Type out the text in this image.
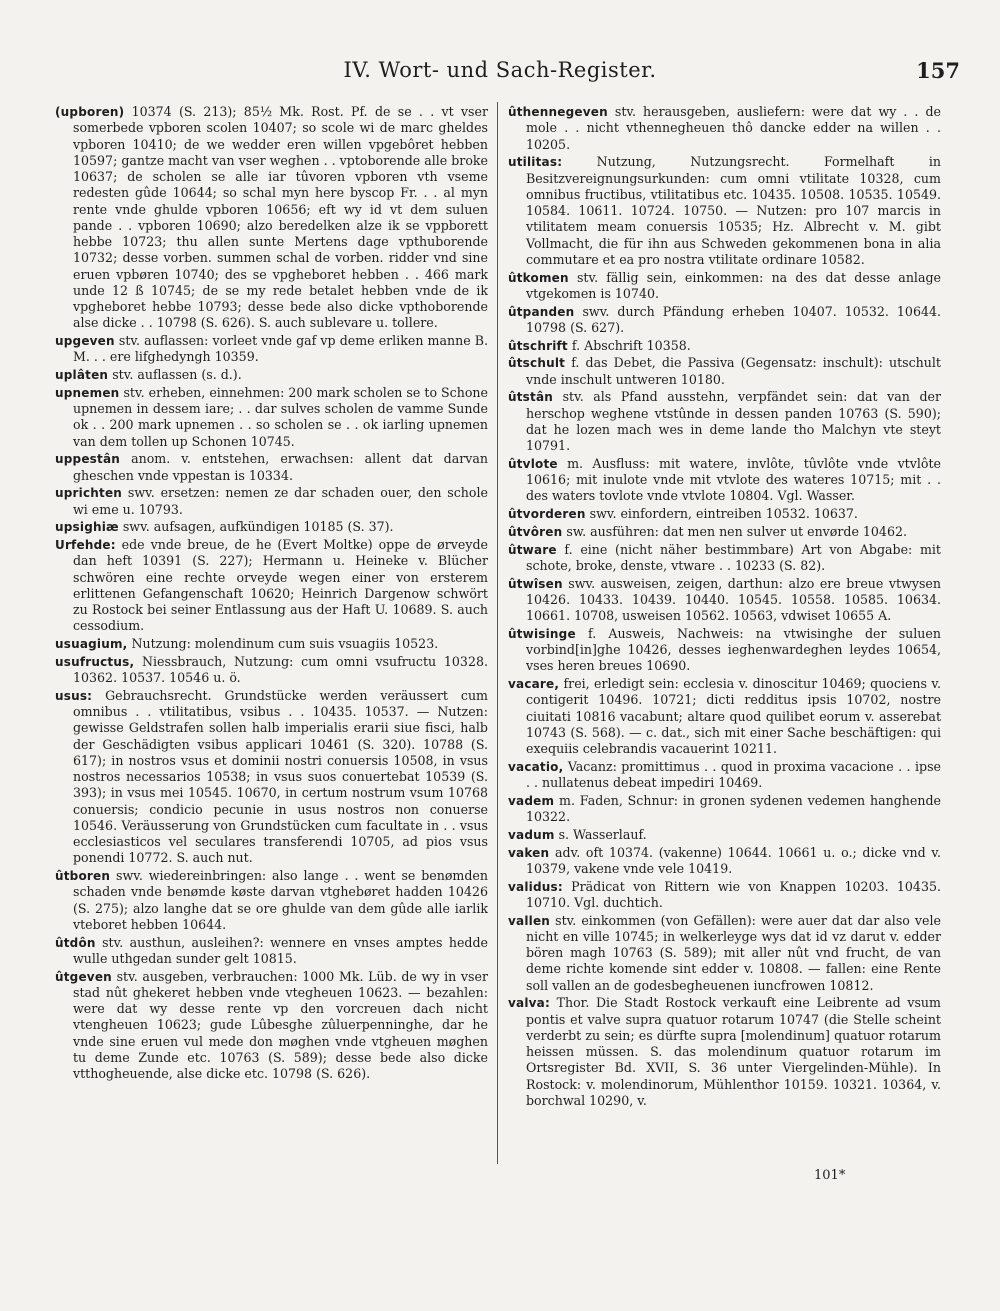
IV. Wort- und Sach-Register.	157

(upboren) 10374 (S. 213); 85½ Mk. Rost. Pf. de se . . vt vser somerbede vpboren scolen 10407; so scole wi de marc gheldes vpboren 10410; de we wedder eren willen vpgebôret hebben 10597; gantze macht van vser weghen . . vptoborende alle broke 10637; de scholen se alle iar tûvoren vpboren vth vseme redesten gûde 10644; so schal myn here byscop Fr. . . al myn rente vnde ghulde vpboren 10656; eft wy id vt dem suluen pande . . vpboren 10690; alzo beredelken alze ik se vppborett hebbe 10723; thu allen sunte Mertens dage vpthuborende 10732; desse vorben. summen schal de vorben. ridder vnd sine eruen vpbøren 10740; des se vpgheboret hebben . . 466 mark unde 12 ß 10745; de se my rede betalet hebben vnde de ik vpgheboret hebbe 10793; desse bede also dicke vpthoborende alse dicke . . 10798 (S. 626). S. auch sublevare u. tollere.

upgeven stv. auflassen: vorleet vnde gaf vp deme erliken manne B. M. . . ere lifghedyngh 10359.

uplâten stv. auflassen (s. d.).

upnemen stv. erheben, einnehmen: 200 mark scholen se to Schone upnemen in dessem iare; . . dar sulves scholen de vamme Sunde ok . . 200 mark upnemen . . so scholen se . . ok iarling upnemen van dem tollen up Schonen 10745.

uppestân anom. v. entstehen, erwachsen: allent dat darvan gheschen vnde vppestan is 10334.

uprichten swv. ersetzen: nemen ze dar schaden ouer, den schole wi eme u. 10793.

upsighiæ swv. aufsagen, aufkündigen 10185 (S. 37).

Urfehde: ede vnde breue, de he (Evert Moltke) oppe de ørveyde dan heft 10391 (S. 227); Hermann u. Heineke v. Blücher schwören eine rechte orveyde wegen einer von ersterem erlittenen Gefangenschaft 10620; Heinrich Dargenow schwört zu Rostock bei seiner Entlassung aus der Haft U. 10689. S. auch cessodium.

usuagium, Nutzung: molendinum cum suis vsuagiis 10523.

usufructus, Niessbrauch, Nutzung: cum omni vsufructu 10328. 10362. 10537. 10546 u. ö.

usus: Gebrauchsrecht. Grundstücke werden veräussert cum omnibus . . vtilitatibus, vsibus . . 10435. 10537. — Nutzen: gewisse Geldstrafen sollen halb imperialis erarii siue fisci, halb der Geschädigten vsibus applicari 10461 (S. 320). 10788 (S. 617); in nostros vsus et dominii nostri conuersis 10508, in vsus nostros necessarios 10538; in vsus suos conuertebat 10539 (S. 393); in vsus mei 10545. 10670, in certum nostrum vsum 10768 conuersis; condicio pecunie in usus nostros non conuerse 10546. Veräusserung von Grundstücken cum facultate in . . vsus ecclesiasticos vel seculares transferendi 10705, ad pios vsus ponendi 10772. S. auch nut.

ûtboren swv. wiedereinbringen: also lange . . went se benømden schaden vnde benømde køste darvan vtghebøret hadden 10426 (S. 275); alzo langhe dat se ore ghulde van dem gûde alle iarlik vteboret hebben 10644.

ûtdôn stv. austhun, ausleihen?: wennere en vnses amptes hedde wulle uthgedan sunder gelt 10815.

ûtgeven stv. ausgeben, verbrauchen: 1000 Mk. Lüb. de wy in vser stad nût ghekeret hebben vnde vtegheuen 10623. — bezahlen: were dat wy desse rente vp den vorcreuen dach nicht vtengheuen 10623; gude Lûbesghe zûluerpenninghe, dar he vnde sine eruen vul mede don møghen vnde vtgheuen møghen tu deme Zunde etc. 10763 (S. 589); desse bede also dicke vtthogheuende, alse dicke etc. 10798 (S. 626).

ûthennegeven stv. herausgeben, ausliefern: were dat wy . . de mole . . nicht vthennegheuen thô dancke edder na willen . . 10205.

utilitas:	Nutzung, Nutzungsrecht. Formelhaft in Besitzvereignungsurkunden: cum omni vtilitate 10328, cum omnibus fructibus, vtilitatibus etc. 10435. 10508. 10535. 10549. 10584. 10611. 10724. 10750. — Nutzen: pro 107 marcis in vtilitatem meam conuersis 10535; Hz. Albrecht v. M. gibt Vollmacht, die für ihn aus Schweden gekommenen bona in alia commutare et ea pro nostra vtilitate ordinare 10582.

ûtkomen stv. fällig sein, einkommen: na des dat desse anlage vtgekomen is 10740.

ûtpanden swv. durch Pfändung erheben 10407. 10532. 10644. 10798 (S. 627).

ûtschrift f. Abschrift 10358.

ûtschult f. das Debet, die Passiva (Gegensatz: inschult): utschult vnde inschult untweren 10180.

ûtstân stv. als Pfand ausstehn, verpfändet sein: dat van der herschop weghene vtstûnde in dessen panden 10763 (S. 590); dat he lozen mach wes in deme lande tho Malchyn vte steyt 10791.

ûtvlote m. Ausfluss: mit watere, invlôte, tûvlôte vnde vtvlôte 10616; mit inulote vnde mit vtvlote des wateres 10715; mit . . des waters tovlote vnde vtvlote 10804. Vgl. Wasser.

ûtvorderen swv. einfordern, eintreiben 10532. 10637.

ûtvôren sw. ausführen: dat men nen sulver ut envørde 10462.

ûtware f. eine (nicht näher bestimmbare) Art von Abgabe: mit schote, broke, denste, vtware . . 10233 (S. 82).

ûtwîsen swv. ausweisen, zeigen, darthun: alzo ere breue vtwysen 10426. 10433. 10439. 10440. 10545. 10558. 10585. 10634. 10661. 10708, usweisen 10562. 10563, vdwiset 10655 A.

ûtwisinge f. Ausweis, Nachweis: na vtwisinghe der suluen vorbind[in]ghe 10426, desses ieghenwardeghen leydes 10654, vses heren breues 10690.

vacare, frei, erledigt sein: ecclesia v. dinoscitur 10469; quociens v. contigerit 10496. 10721; dicti redditus ipsis 10702, nostre ciuitati 10816 vacabunt; altare quod quilibet eorum v. asserebat 10743 (S. 568). — c. dat., sich mit einer Sache beschäftigen: qui exequiis celebrandis vacauerint 10211.

vacatio, Vacanz: promittimus . . quod in proxima vacacione . . ipse . . nullatenus debeat impediri 10469.

vadem m. Faden, Schnur: in gronen sydenen vedemen hanghende 10322.

vadum s. Wasserlauf.

vaken adv. oft 10374. (vakenne) 10644. 10661 u. o.; dicke vnd v. 10379, vakene vnde vele 10419.

validus: Prädicat von Rittern wie von Knappen 10203. 10435. 10710. Vgl. duchtich.

vallen stv. einkommen (von Gefällen): were auer dat dar also vele nicht en ville 10745; in welkerleyge wys dat id vz darut v. edder bören magh 10763 (S. 589); mit aller nût vnd frucht, de van deme richte komende sint edder v. 10808. — fallen: eine Rente soll vallen an de godesbegheuenen iuncfrowen 10812.

valva: Thor. Die Stadt Rostock verkauft eine Leibrente ad vsum pontis et valve supra quatuor rotarum 10747 (die Stelle scheint verderbt zu sein; es dürfte supra [molendinum] quatuor rotarum heissen müssen. S. das molendinum quatuor rotarum im Ortsregister Bd. XVII, S. 36 unter Viergelinden-Mühle). In Rostock: v. molendinorum, Mühlenthor 10159. 10321. 10364, v. borchwal 10290, v.

101*
